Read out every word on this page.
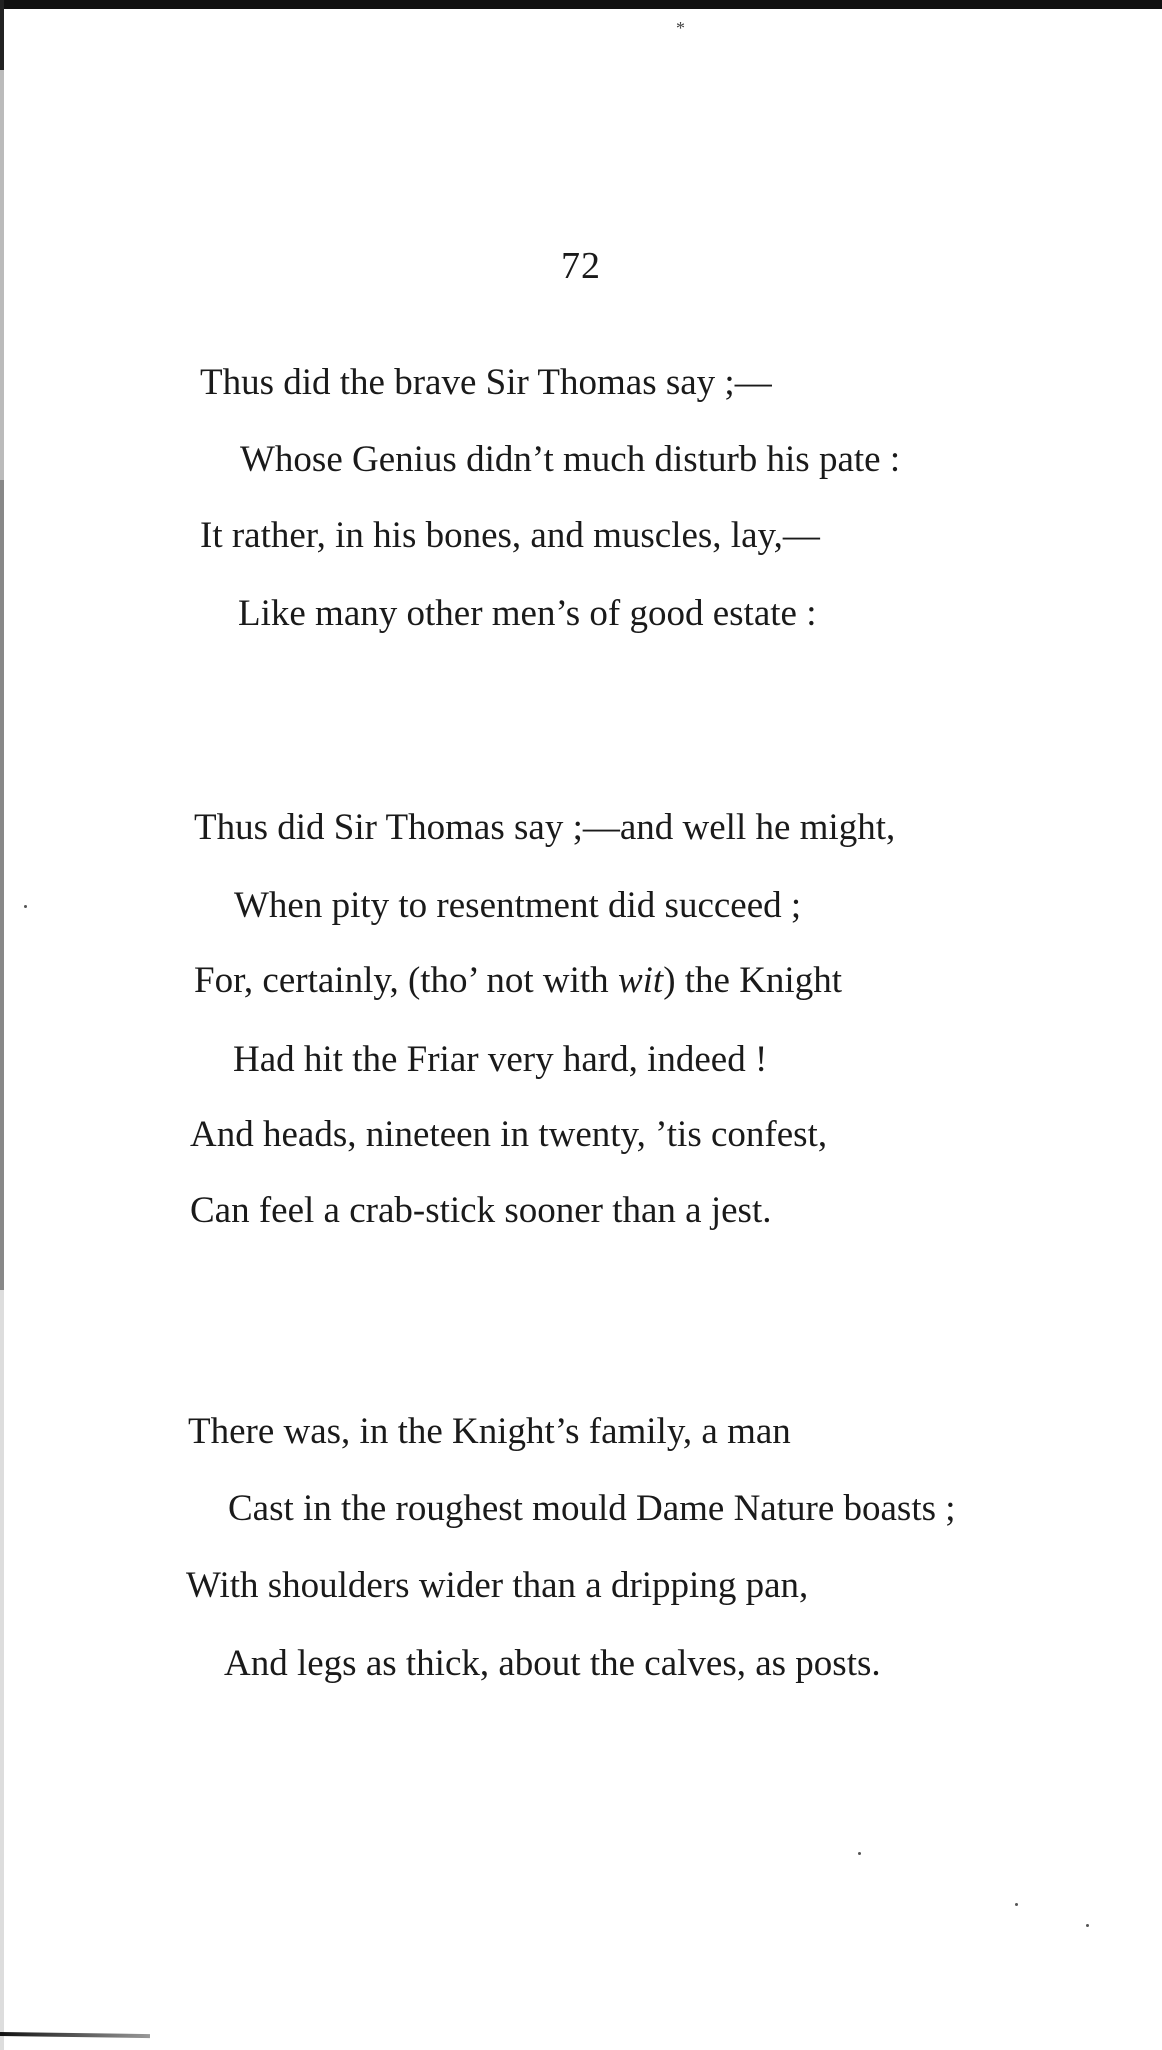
*
72
Thus did the brave Sir Thomas say ;—
Whose Genius didn’t much disturb his pate :
It rather, in his bones, and muscles, lay,—
Like many other men’s of good estate :
Thus did Sir Thomas say ;—and well he might,
When pity to resentment did succeed ;
For, certainly, (tho’ not with wit) the Knight
Had hit the Friar very hard, indeed !
And heads, nineteen in twenty, ’tis confest,
Can feel a crab-stick sooner than a jest.
There was, in the Knight’s family, a man
Cast in the roughest mould Dame Nature boasts ;
With shoulders wider than a dripping pan,
And legs as thick, about the calves, as posts.
